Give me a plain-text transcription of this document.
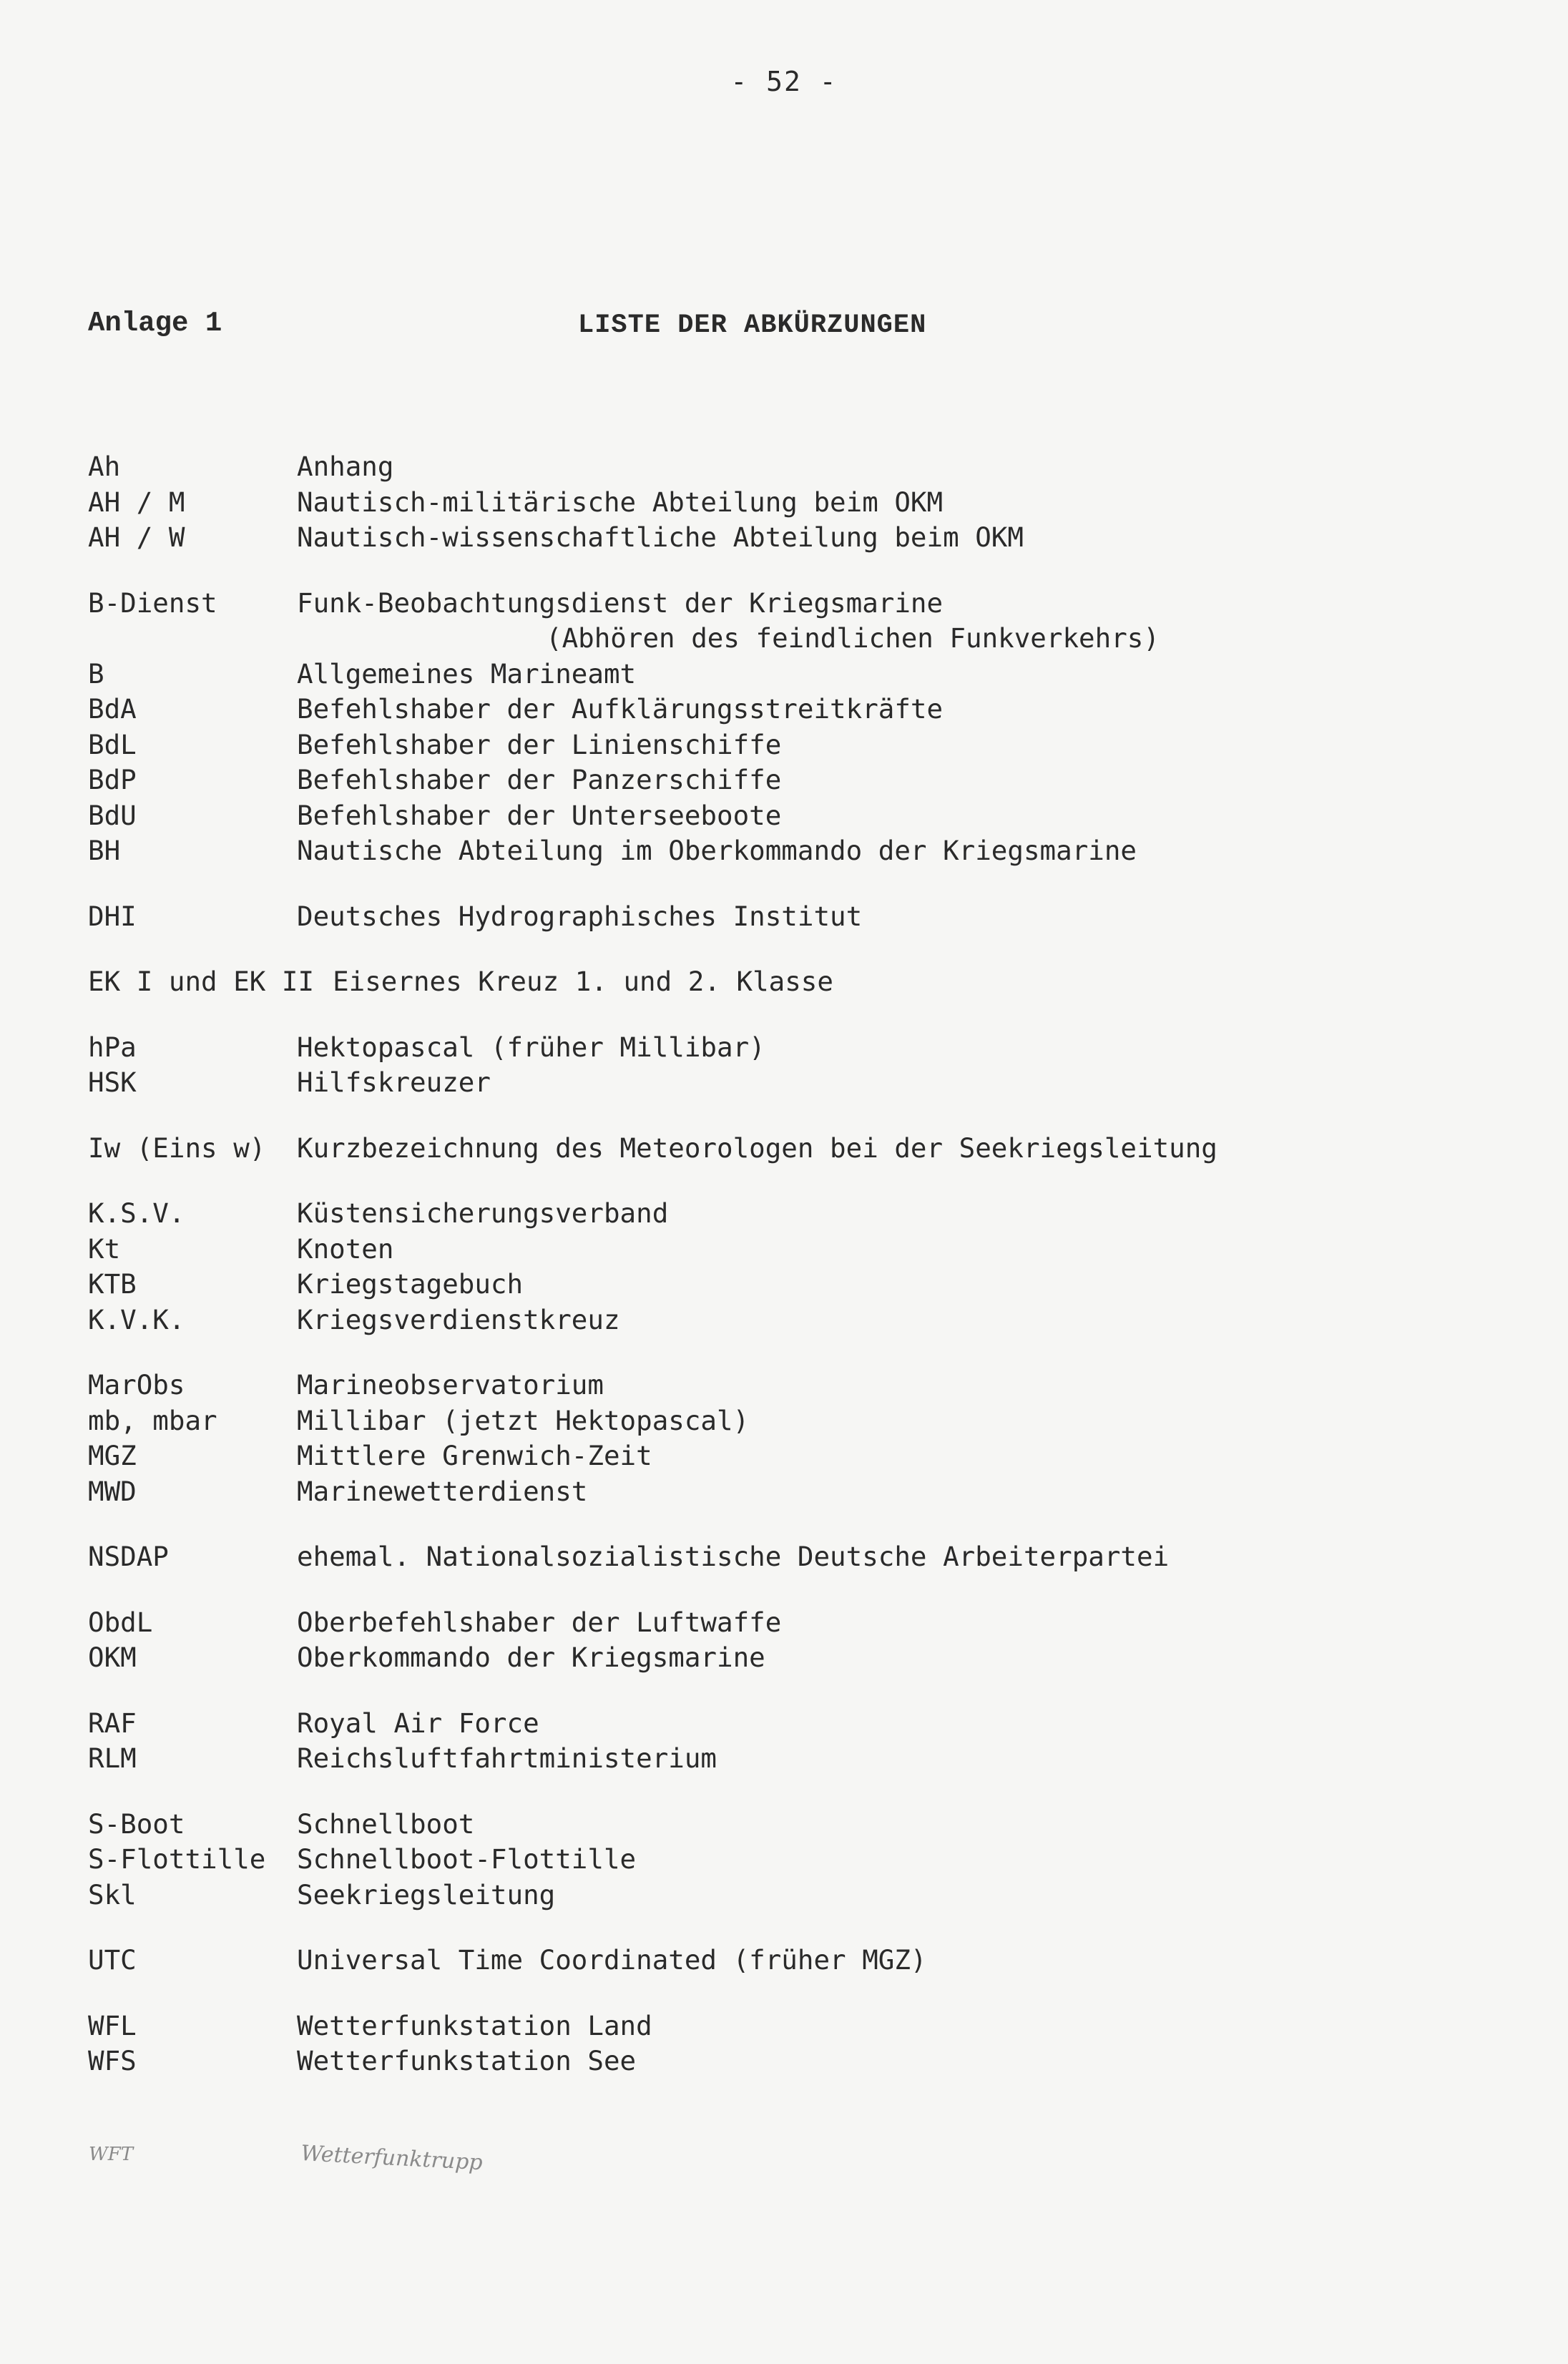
- 52 -
Anlage 1	LISTE DER ABKÜRZUNGEN
Ah	Anhang
AH / M	Nautisch-militärische Abteilung beim OKM
AH / W	Nautisch-wissenschaftliche Abteilung beim OKM
B-Dienst	Funk-Beobachtungsdienst der Kriegsmarine
(Abhören des feindlichen Funkverkehrs)
B	Allgemeines Marineamt
BdA	Befehlshaber der Aufklärungsstreitkräfte
BdL	Befehlshaber der Linienschiffe
BdP	Befehlshaber der Panzerschiffe
BdU	Befehlshaber der Unterseeboote
BH	Nautische Abteilung im Oberkommando der Kriegsmarine
DHI	Deutsches Hydrographisches Institut
EK I und EK II Eisernes Kreuz 1. und 2. Klasse
hPa	Hektopascal (früher Millibar)
HSK	Hilfskreuzer
Iw (Eins w)	Kurzbezeichnung des Meteorologen bei der Seekriegsleitung
K.S.V.	Küstensicherungsverband
Kt	Knoten
KTB	Kriegstagebuch
K.V.K.	Kriegsverdienstkreuz
MarObs	Marineobservatorium
mb, mbar	Millibar (jetzt Hektopascal)
MGZ	Mittlere Grenwich-Zeit
MWD	Marinewetterdienst
NSDAP	ehemal. Nationalsozialistische Deutsche Arbeiterpartei
ObdL	Oberbefehlshaber der Luftwaffe
OKM	Oberkommando der Kriegsmarine
RAF	Royal Air Force
RLM	Reichsluftfahrtministerium
S-Boot	Schnellboot
S-Flottille	Schnellboot-Flottille
Skl	Seekriegsleitung
UTC	Universal Time Coordinated (früher MGZ)
WFL	Wetterfunkstation Land
WFS	Wetterfunkstation See
WFT	Wetterfunktrupp
